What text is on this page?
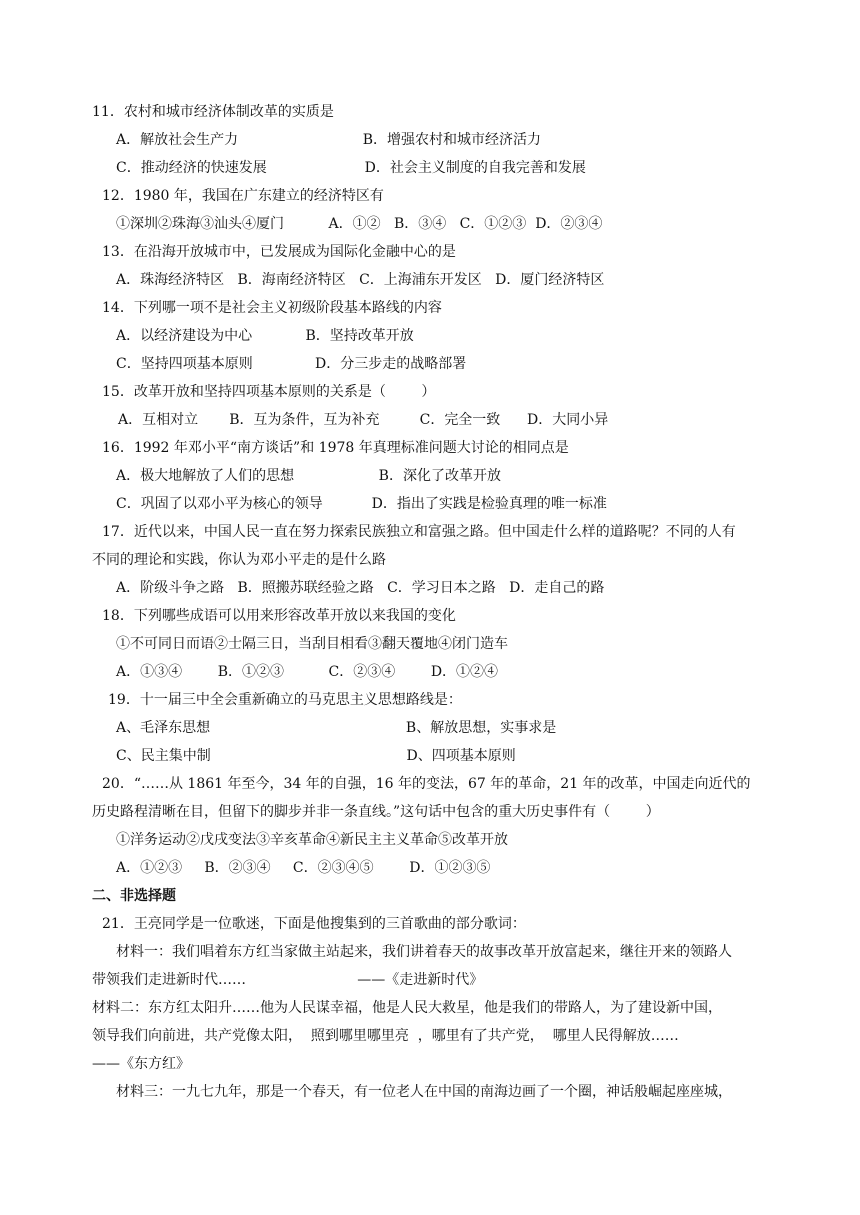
11．农村和城市经济体制改革的实质是
A．解放社会生产力                            B．增强农村和城市经济活力
C．推动经济的快速发展                      D．社会主义制度的自我完善和发展
12．1980 年，我国在广东建立的经济特区有
①深圳②珠海③汕头④厦门          A．①②   B．③④   C．①②③  D．②③④
13．在沿海开放城市中，已发展成为国际化金融中心的是
A．珠海经济特区   B．海南经济特区   C．上海浦东开发区   D．厦门经济特区
14．下列哪一项不是社会主义初级阶段基本路线的内容
A．以经济建设为中心            B．坚持改革开放
C．坚持四项基本原则              D．分三步走的战略部署
15．改革开放和坚持四项基本原则的关系是（        ）
A．互相对立       B．互为条件，互为补充         C．完全一致      D．大同小异
16．1992 年邓小平“南方谈话”和 1978 年真理标准问题大讨论的相同点是
A．极大地解放了人们的思想                   B．深化了改革开放
C．巩固了以邓小平为核心的领导           D．指出了实践是检验真理的唯一标准
17．近代以来，中国人民一直在努力探索民族独立和富强之路。但中国走什么样的道路呢？不同的人有
不同的理论和实践，你认为邓小平走的是什么路
A．阶级斗争之路   B．照搬苏联经验之路   C．学习日本之路   D．走自己的路
18．下列哪些成语可以用来形容改革开放以来我国的变化
①不可同日而语②士隔三日，当刮目相看③翻天覆地④闭门造车
A．①③④        B．①②③          C．②③④        D．①②④
19．十一届三中全会重新确立的马克思主义思想路线是：
A、毛泽东思想                                            B、解放思想，实事求是
C、民主集中制                                            D、四项基本原则
20．“……从 1861 年至今，34 年的自强，16 年的变法，67 年的革命，21 年的改革，中国走向近代的
历史路程清晰在目，但留下的脚步并非一条直线。”这句话中包含的重大历史事件有（        ）
①洋务运动②戊戌变法③辛亥革命④新民主主义革命⑤改革开放
A．①②③     B．②③④     C．②③④⑤        D．①②③⑤
二、非选择题
21．王亮同学是一位歌迷，下面是他搜集到的三首歌曲的部分歌词：
材料一：我们唱着东方红当家做主站起来，我们讲着春天的故事改革开放富起来，继往开来的领路人
带领我们走进新时代……                         ——《走进新时代》
材料二：东方红太阳升……他为人民谋幸福，他是人民大救星，他是我们的带路人，为了建设新中国，
领导我们向前进，共产党像太阳，  照到哪里哪里亮  ，哪里有了共产党，  哪里人民得解放……
——《东方红》
材料三：一九七九年，那是一个春天，有一位老人在中国的南海边画了一个圈，神话般崛起座座城，
